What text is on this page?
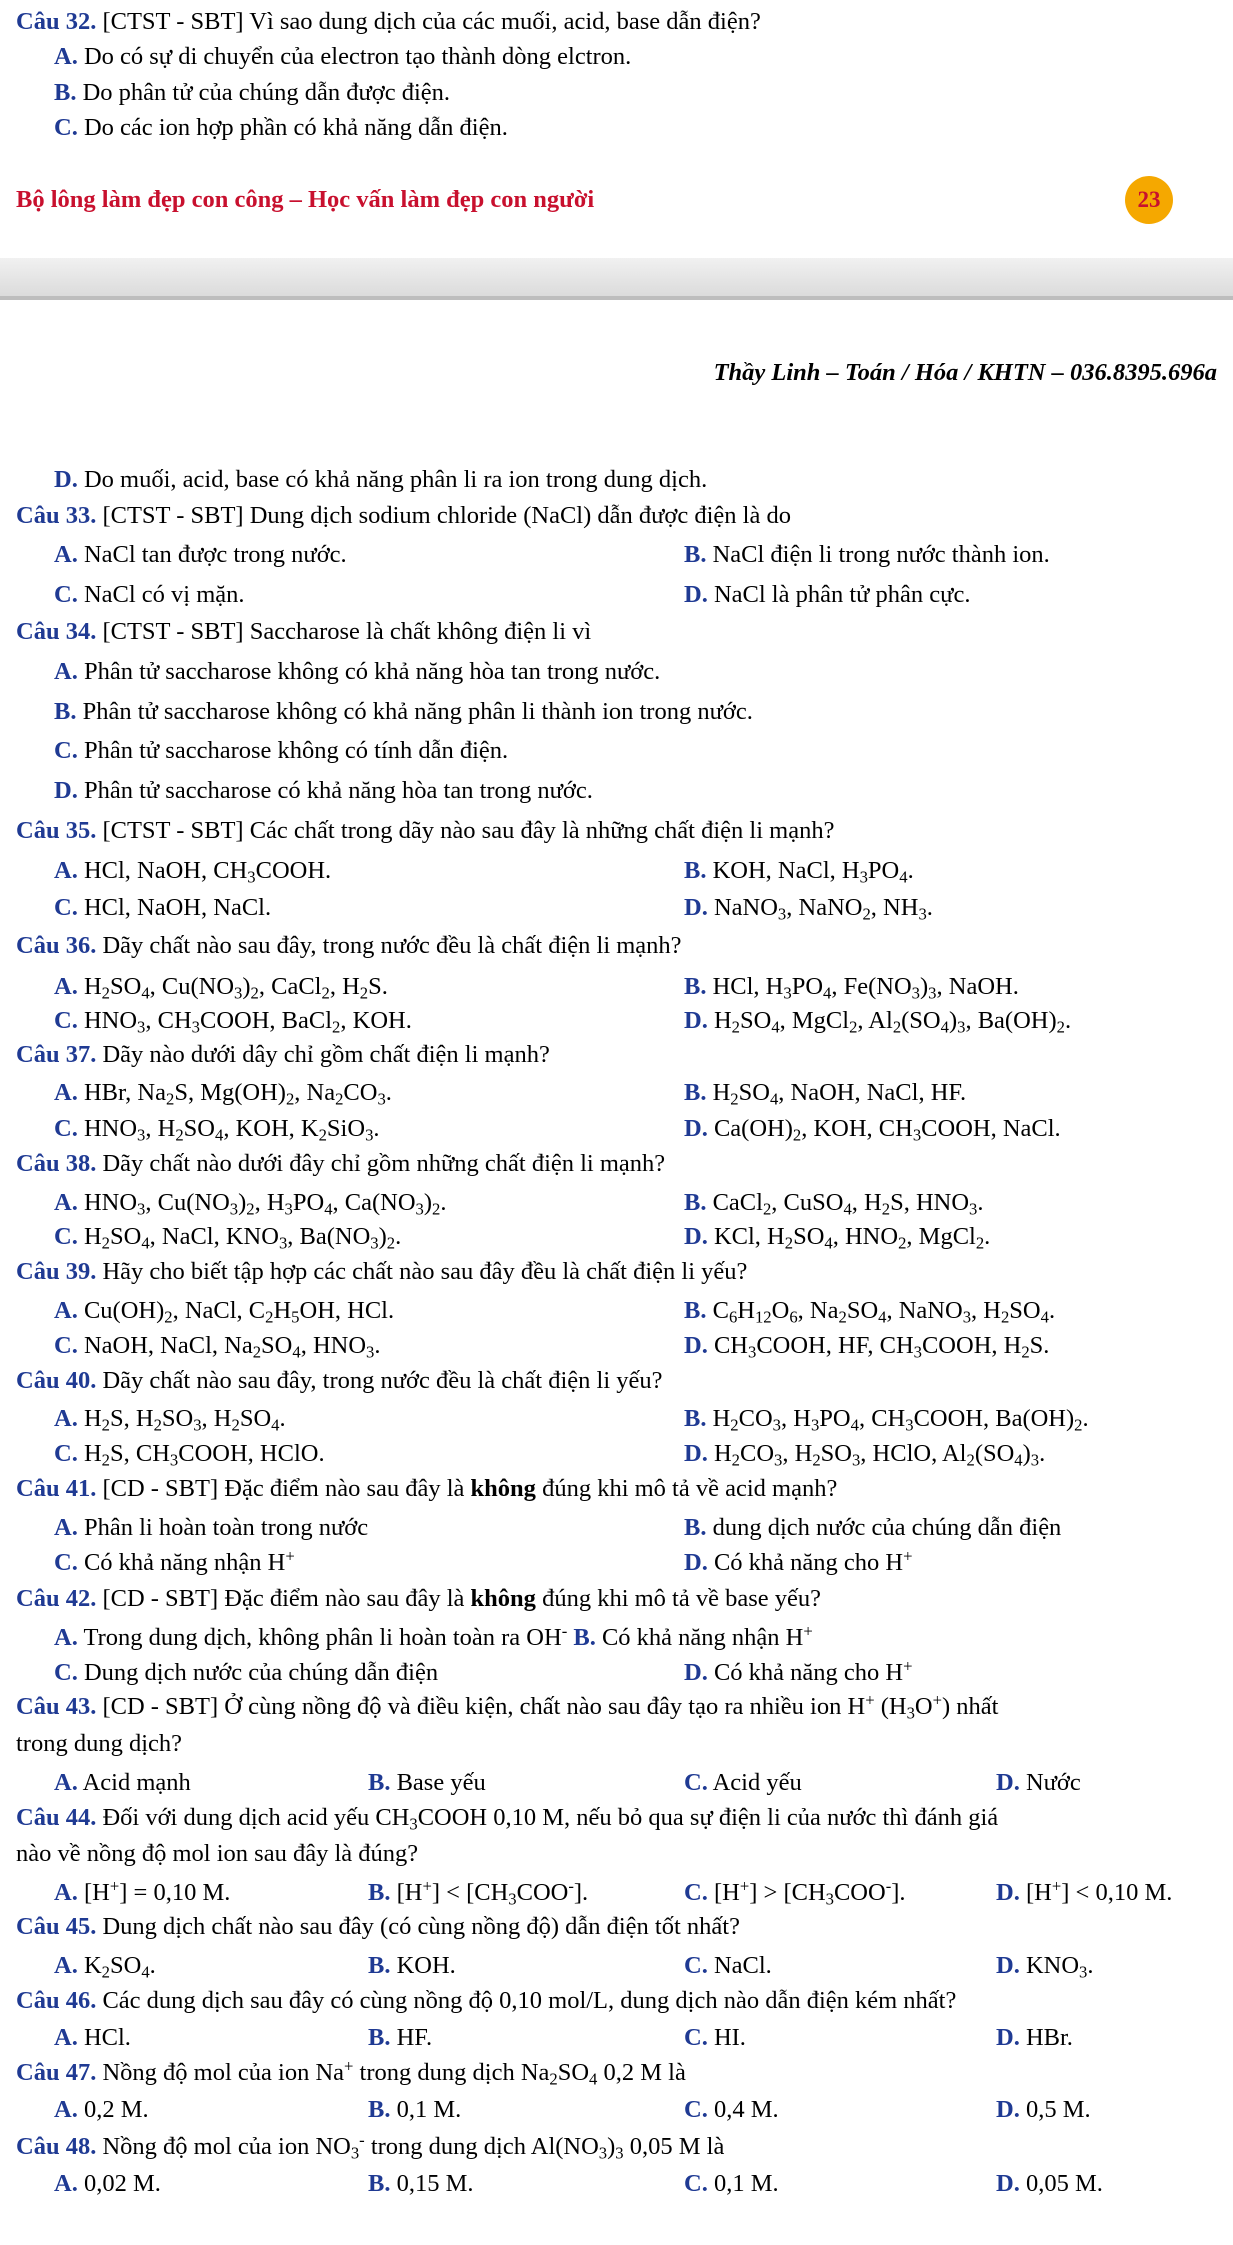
Câu 32. [CTST - SBT] Vì sao dung dịch của các muối, acid, base dẫn điện?
A. Do có sự di chuyển của electron tạo thành dòng elctron.
B. Do phân tử của chúng dẫn được điện.
C. Do các ion hợp phần có khả năng dẫn điện.
Bộ lông làm đẹp con công – Học vấn làm đẹp con người	23
Thầy Linh – Toán / Hóa / KHTN – 036.8395.696a
D. Do muối, acid, base có khả năng phân li ra ion trong dung dịch.
Câu 33. [CTST - SBT] Dung dịch sodium chloride (NaCl) dẫn được điện là do
A. NaCl tan được trong nước.	B. NaCl điện li trong nước thành ion.
C. NaCl có vị mặn.	D. NaCl là phân tử phân cực.
Câu 34. [CTST - SBT] Saccharose là chất không điện li vì
A. Phân tử saccharose không có khả năng hòa tan trong nước.
B. Phân tử saccharose không có khả năng phân li thành ion trong nước.
C. Phân tử saccharose không có tính dẫn điện.
D. Phân tử saccharose có khả năng hòa tan trong nước.
Câu 35. [CTST - SBT] Các chất trong dãy nào sau đây là những chất điện li mạnh?
A. HCl, NaOH, $CH_3COOH$.	B. KOH, NaCl, $H_3PO_4$.
C. HCl, NaOH, NaCl.	D. NaNO$_3$, NaNO$_2$, $NH_3$.
Câu 36. Dãy chất nào sau đây, trong nước đều là chất điện li mạnh?
A. $H_2SO_4$, $Cu(NO_3)_2$, CaCl$_2$, $H_2S$.	B. HCl, $H_3PO_4$, $Fe(NO_3)_3$, NaOH.
C. $HNO_3$, $CH_3COOH$, BaCl$_2$, KOH.	D. $H_2SO_4$, MgCl$_2$, $Al_2(SO_4)_3$, $Ba(OH)_2$.
Câu 37. Dãy nào dưới dây chỉ gồm chất điện li mạnh?
A. HBr, $Na_2S$, $Mg(OH)_2$, $Na_2CO_3$.	B. $H_2SO_4$, NaOH, NaCl, HF.
C. $HNO_3$, $H_2SO_4$, KOH, $K_2SiO_3$.	D. $Ca(OH)_2$, KOH, $CH_3COOH$, NaCl.
Câu 38. Dãy chất nào dưới đây chỉ gồm những chất điện li mạnh?
A. $HNO_3$, $Cu(NO_3)_2$, $H_3PO_4$, $Ca(NO_3)_2$.	B. CaCl$_2$, CuSO$_4$, $H_2S$, $HNO_3$.
C. $H_2SO_4$, NaCl, $KNO_3$, $Ba(NO_3)_2$.	D. KCl, $H_2SO_4$, $HNO_2$, MgCl$_2$.
Câu 39. Hãy cho biết tập hợp các chất nào sau đây đều là chất điện li yếu?
A. $Cu(OH)_2$, NaCl, $C_2H_5OH$, HCl.	B. $C_6H_{12}O_6$, $Na_2SO_4$, NaNO$_3$, $H_2SO_4$.
C. NaOH, NaCl, $Na_2SO_4$, $HNO_3$.	D. $CH_3COOH$, HF, $CH_3COOH$, $H_2S$.
Câu 40. Dãy chất nào sau đây, trong nước đều là chất điện li yếu?
A. $H_2S$, $H_2SO_3$, $H_2SO_4$.	B. $H_2CO_3$, $H_3PO_4$, $CH_3COOH$, $Ba(OH)_2$.
C. $H_2S$, $CH_3COOH$, HClO.	D. $H_2CO_3$, $H_2SO_3$, HClO, $Al_2(SO_4)_3$.
Câu 41. [CD - SBT] Đặc điểm nào sau đây là không đúng khi mô tả về acid mạnh?
A. Phân li hoàn toàn trong nước	B. dung dịch nước của chúng dẫn điện
C. Có khả năng nhận H+	D. Có khả năng cho H+
Câu 42. [CD - SBT] Đặc điểm nào sau đây là không đúng khi mô tả về base yếu?
A. Trong dung dịch, không phân li hoàn toàn ra OH- B. Có khả năng nhận H+
C. Dung dịch nước của chúng dẫn điện	D. Có khả năng cho H+
Câu 43. [CD - SBT] Ở cùng nồng độ và điều kiện, chất nào sau đây tạo ra nhiều ion H+ $(H_3O^+)$ nhất
trong dung dịch?
A. Acid mạnh	B. Base yếu	C. Acid yếu	D. Nước
Câu 44. Đối với dung dịch acid yếu $CH_3COOH$ 0,10 M, nếu bỏ qua sự điện li của nước thì đánh giá
nào về nồng độ mol ion sau đây là đúng?
A. [H+] = 0,10 M.	B. $[H^+] < [CH_3COO^-]$.	C. $[H^+] > [CH_3COO^-]$.	D. [H+] < 0,10 M.
Câu 45. Dung dịch chất nào sau đây (có cùng nồng độ) dẫn điện tốt nhất?
A. $K_2SO_4$.	B. KOH.	C. NaCl.	D. $KNO_3$.
Câu 46. Các dung dịch sau đây có cùng nồng độ 0,10 mol/L, dung dịch nào dẫn điện kém nhất?
A. HCl.	B. HF.	C. HI.	D. HBr.
Câu 47. Nồng độ mol của ion Na+ trong dung dịch $Na_2SO_4$ 0,2 M là
A. 0,2 M.	B. 0,1 M.	C. 0,4 M.	D. 0,5 M.
Câu 48. Nồng độ mol của ion $NO_3^-$ trong dung dịch $Al(NO_3)_3$ 0,05 M là
A. 0,02 M.	B. 0,15 M.	C. 0,1 M.	D. 0,05 M.
